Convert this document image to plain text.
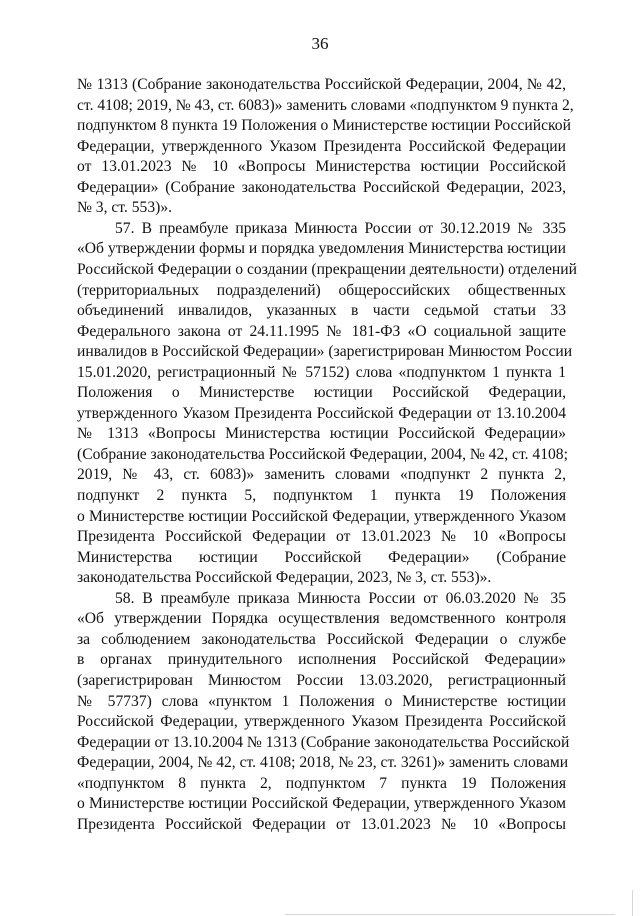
36
№ 1313 (Собрание законодательства Российской Федерации, 2004, № 42,
ст. 4108; 2019, № 43, ст. 6083)» заменить словами «подпунктом 9 пункта 2,
подпунктом 8 пункта 19 Положения о Министерстве юстиции Российской
Федерации, утвержденного Указом Президента Российской Федерации
от 13.01.2023 № 10 «Вопросы Министерства юстиции Российской
Федерации» (Собрание законодательства Российской Федерации, 2023,
№ 3, ст. 553)».
57. В преамбуле приказа Минюста России от 30.12.2019 № 335
«Об утверждении формы и порядка уведомления Министерства юстиции
Российской Федерации о создании (прекращении деятельности) отделений
(территориальных подразделений) общероссийских общественных
объединений инвалидов, указанных в части седьмой статьи 33
Федерального закона от 24.11.1995 № 181-ФЗ «О социальной защите
инвалидов в Российской Федерации» (зарегистрирован Минюстом России
15.01.2020, регистрационный № 57152) слова «подпунктом 1 пункта 1
Положения о Министерстве юстиции Российской Федерации,
утвержденного Указом Президента Российской Федерации от 13.10.2004
№ 1313 «Вопросы Министерства юстиции Российской Федерации»
(Собрание законодательства Российской Федерации, 2004, № 42, ст. 4108;
2019, № 43, ст. 6083)» заменить словами «подпункт 2 пункта 2,
подпункт 2 пункта 5, подпунктом 1 пункта 19 Положения
о Министерстве юстиции Российской Федерации, утвержденного Указом
Президента Российской Федерации от 13.01.2023 № 10 «Вопросы
Министерства юстиции Российской Федерации» (Собрание
законодательства Российской Федерации, 2023, № 3, ст. 553)».
58. В преамбуле приказа Минюста России от 06.03.2020 № 35
«Об утверждении Порядка осуществления ведомственного контроля
за соблюдением законодательства Российской Федерации о службе
в органах принудительного исполнения Российской Федерации»
(зарегистрирован Минюстом России 13.03.2020, регистрационный
№ 57737) слова «пунктом 1 Положения о Министерстве юстиции
Российской Федерации, утвержденного Указом Президента Российской
Федерации от 13.10.2004 № 1313 (Собрание законодательства Российской
Федерации, 2004, № 42, ст. 4108; 2018, № 23, ст. 3261)» заменить словами
«подпунктом 8 пункта 2, подпунктом 7 пункта 19 Положения
о Министерстве юстиции Российской Федерации, утвержденного Указом
Президента Российской Федерации от 13.01.2023 № 10 «Вопросы
